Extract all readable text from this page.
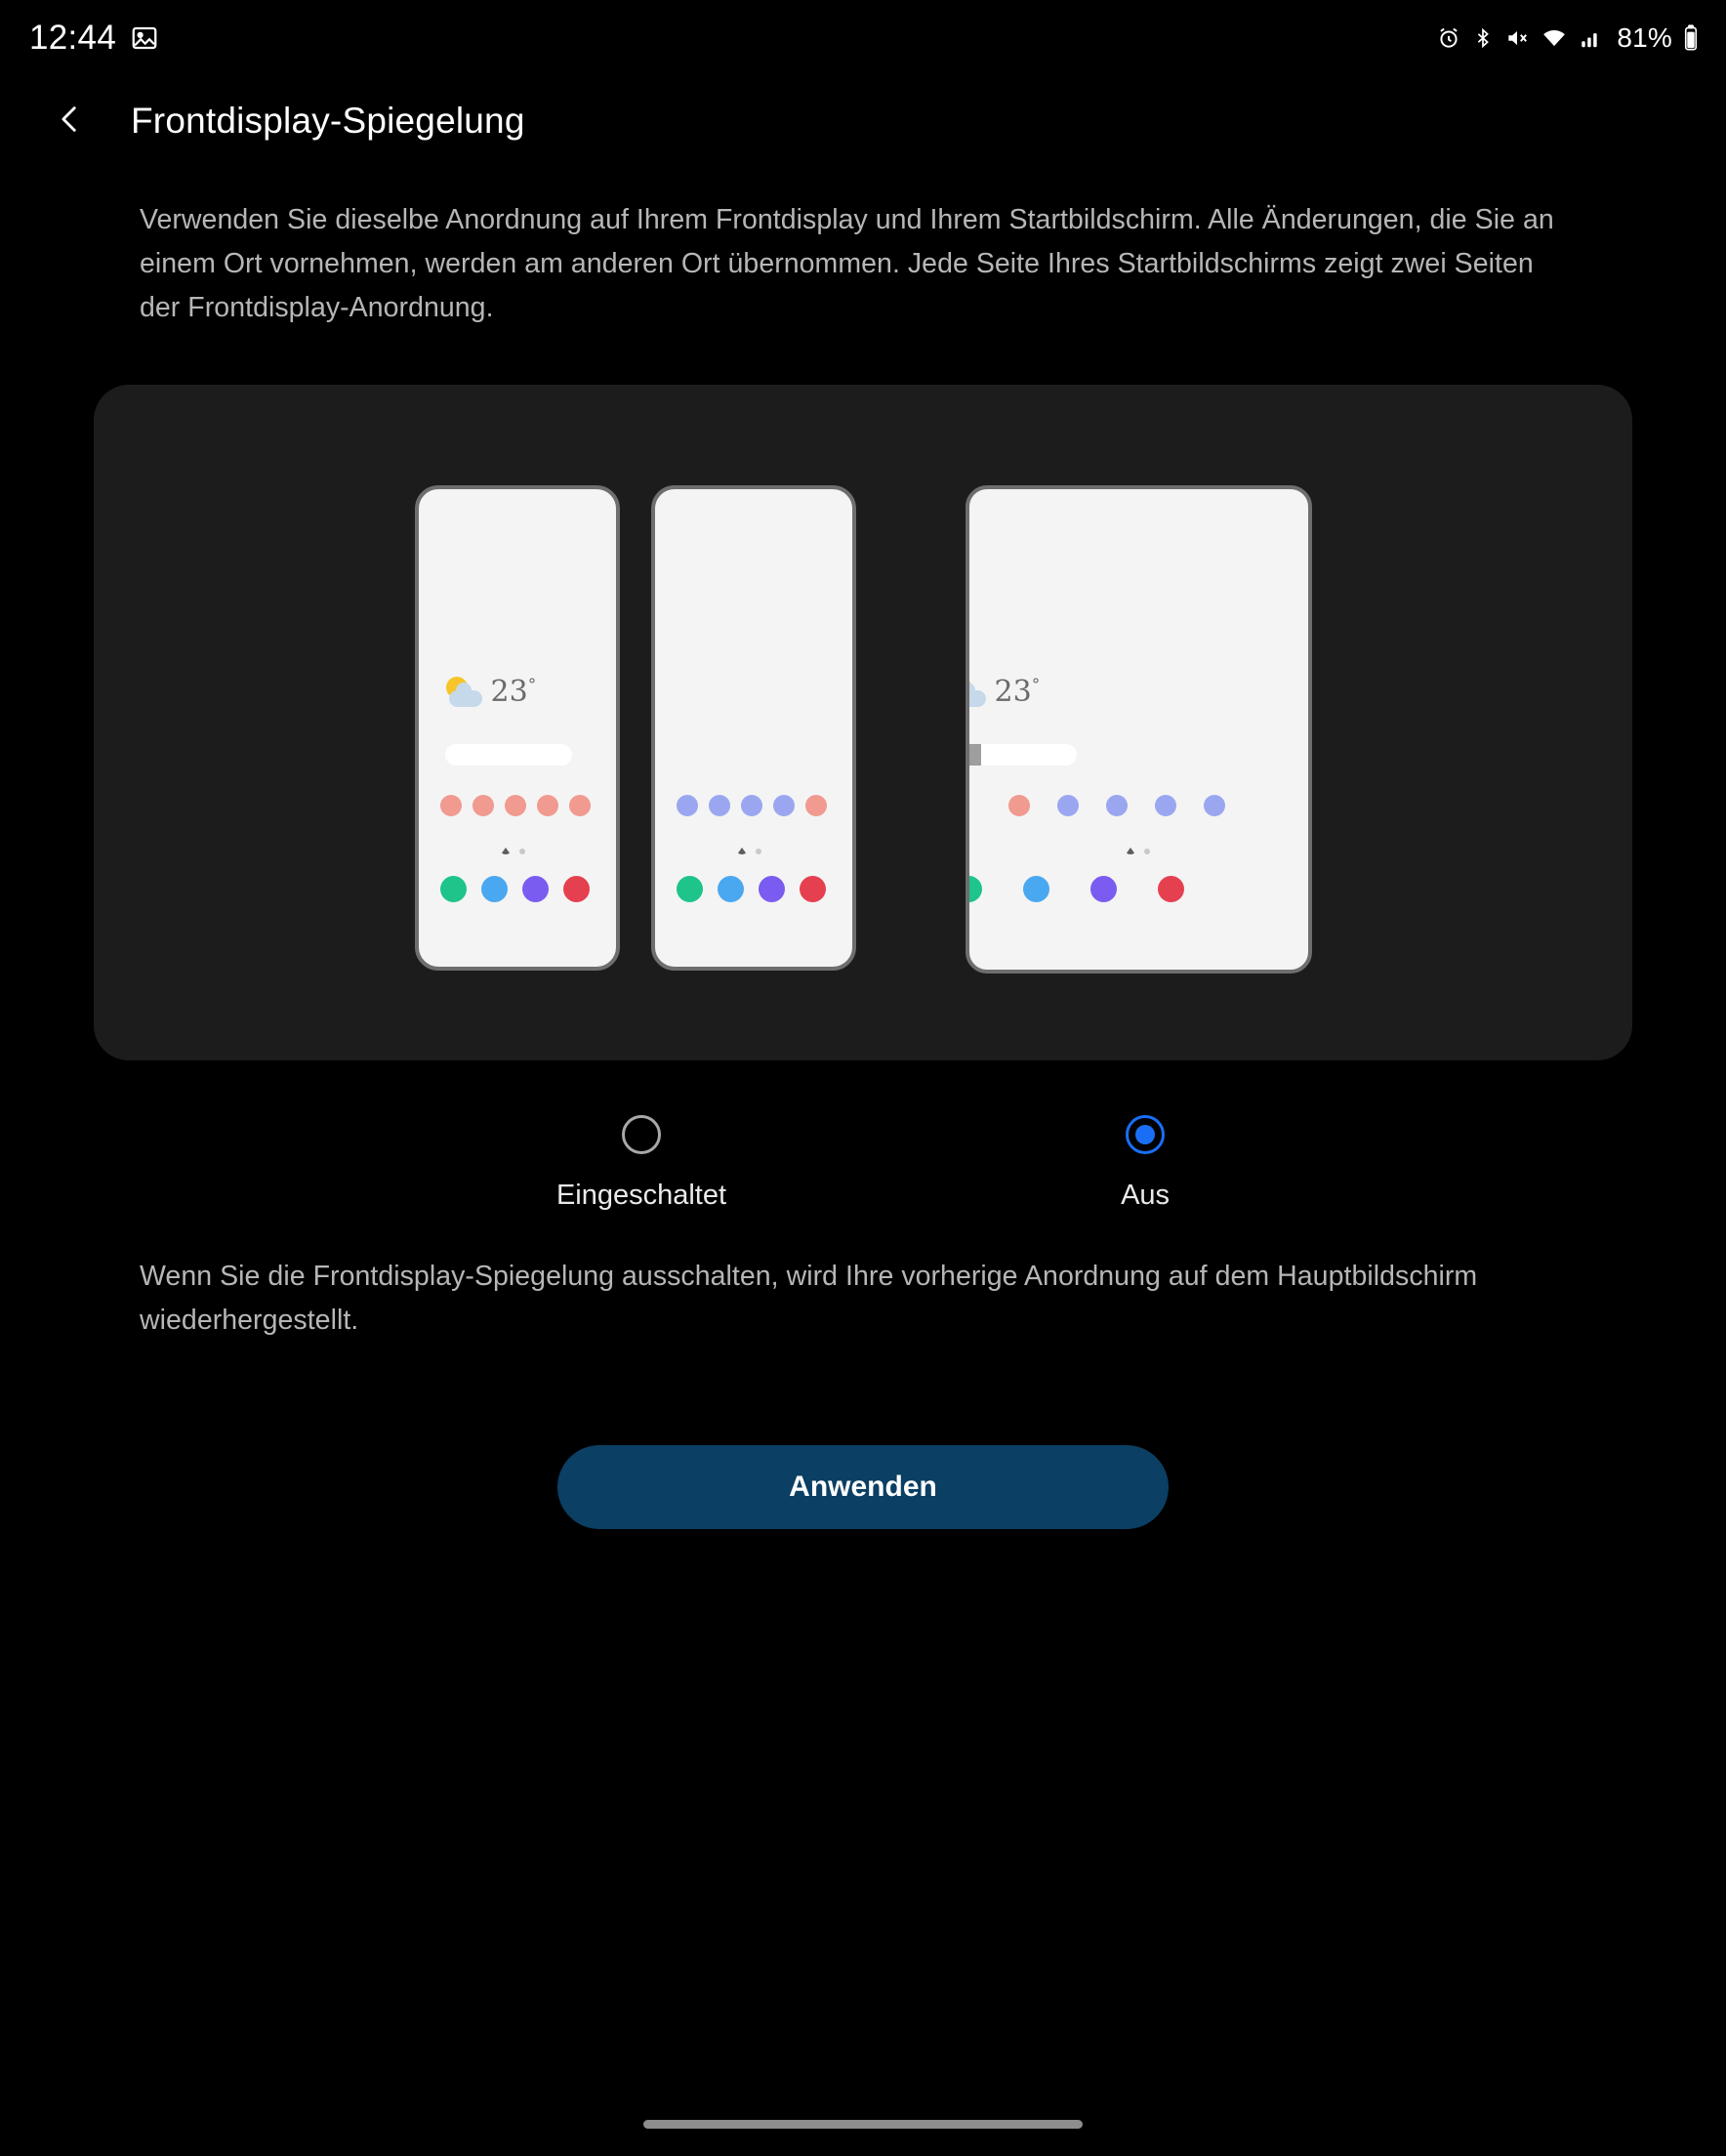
12:44	81%
Frontdisplay-Spiegelung
Verwenden Sie dieselbe Anordnung auf Ihrem Frontdisplay und Ihrem Startbildschirm. Alle Änderungen, die Sie an einem Ort vornehmen, werden am anderen Ort übernommen. Jede Seite Ihres Startbildschirms zeigt zwei Seiten der Frontdisplay-Anordnung.
23°	23°
Eingeschaltet	Aus
Wenn Sie die Frontdisplay-Spiegelung ausschalten, wird Ihre vorherige Anordnung auf dem Hauptbildschirm wiederhergestellt.
Anwenden
